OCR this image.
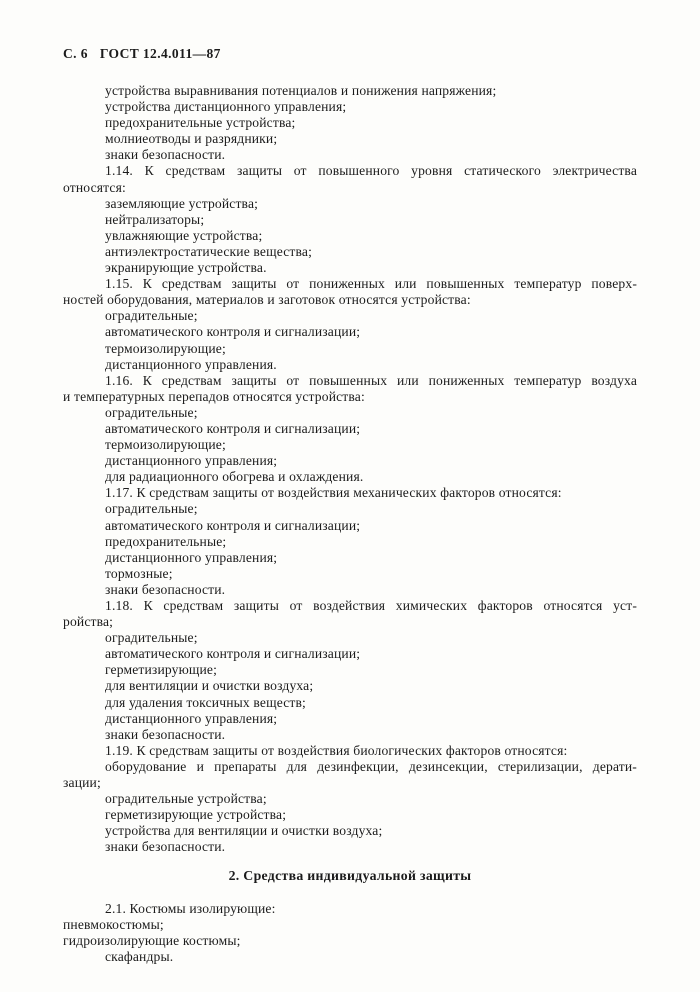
С. 6 ГОСТ 12.4.011—87
устройства выравнивания потенциалов и понижения напряжения;
устройства дистанционного управления;
предохранительные устройства;
молниеотводы и разрядники;
знаки безопасности.
1.14. К средствам защиты от повышенного уровня статического электричества
относятся:
заземляющие устройства;
нейтрализаторы;
увлажняющие устройства;
антиэлектростатические вещества;
экранирующие устройства.
1.15. К средствам защиты от пониженных или повышенных температур поверх-
ностей оборудования, материалов и заготовок относятся устройства:
оградительные;
автоматического контроля и сигнализации;
термоизолирующие;
дистанционного управления.
1.16. К средствам защиты от повышенных или пониженных температур воздуха
и температурных перепадов относятся устройства:
оградительные;
автоматического контроля и сигнализации;
термоизолирующие;
дистанционного управления;
для радиационного обогрева и охлаждения.
1.17. К средствам защиты от воздействия механических факторов относятся:
оградительные;
автоматического контроля и сигнализации;
предохранительные;
дистанционного управления;
тормозные;
знаки безопасности.
1.18. К средствам защиты от воздействия химических факторов относятся уст-
ройства;
оградительные;
автоматического контроля и сигнализации;
герметизирующие;
для вентиляции и очистки воздуха;
для удаления токсичных веществ;
дистанционного управления;
знаки безопасности.
1.19. К средствам защиты от воздействия биологических факторов относятся:
оборудование и препараты для дезинфекции, дезинсекции, стерилизации, дерати-
зации;
оградительные устройства;
герметизирующие устройства;
устройства для вентиляции и очистки воздуха;
знаки безопасности.
2. Средства индивидуальной защиты
2.1. Костюмы изолирующие:
пневмокостюмы;
гидроизолирующие костюмы;
скафандры.
